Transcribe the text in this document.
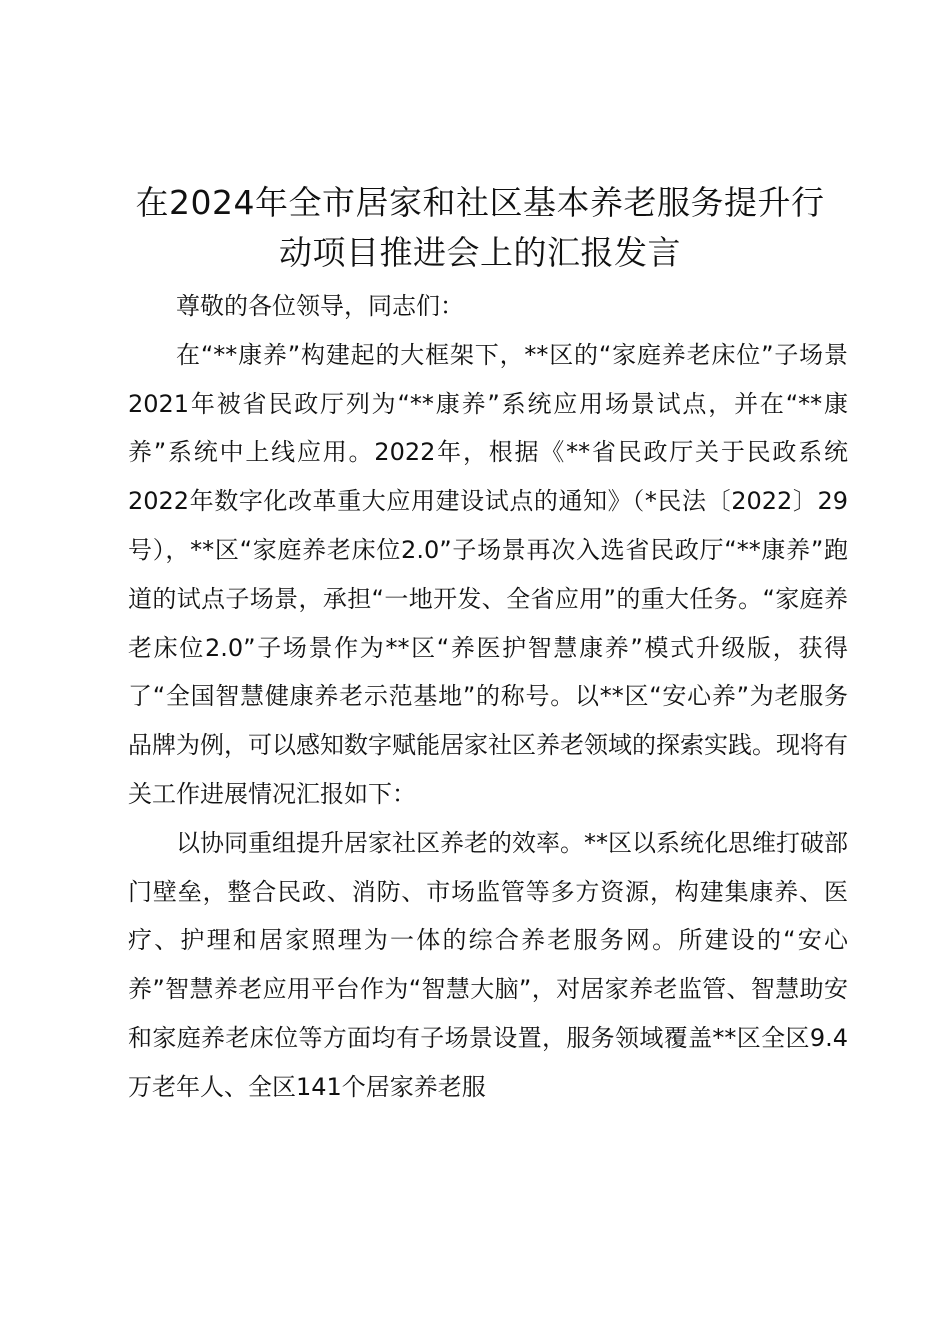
在2024年全市居家和社区基本养老服务提升行动项目推进会上的汇报发言

尊敬的各位领导，同志们：

在“**康养”构建起的大框架下，**区的“家庭养老床位”子场景2021年被省民政厅列为“**康养”系统应用场景试点，并在“**康养”系统中上线应用。2022年，根据《**省民政厅关于民政系统2022年数字化改革重大应用建设试点的通知》（*民法〔2022〕29号），**区“家庭养老床位2.0”子场景再次入选省民政厅“**康养”跑道的试点子场景，承担“一地开发、全省应用”的重大任务。“家庭养老床位2.0”子场景作为**区“养医护智慧康养”模式升级版，获得了“全国智慧健康养老示范基地”的称号。以**区“安心养”为老服务品牌为例，可以感知数字赋能居家社区养老领域的探索实践。现将有关工作进展情况汇报如下：

以协同重组提升居家社区养老的效率。**区以系统化思维打破部门壁垒，整合民政、消防、市场监管等多方资源，构建集康养、医疗、护理和居家照理为一体的综合养老服务网。所建设的“安心养”智慧养老应用平台作为“智慧大脑”，对居家养老监管、智慧助安和家庭养老床位等方面均有子场景设置，服务领域覆盖**区全区9.4万老年人、全区141个居家养老服
